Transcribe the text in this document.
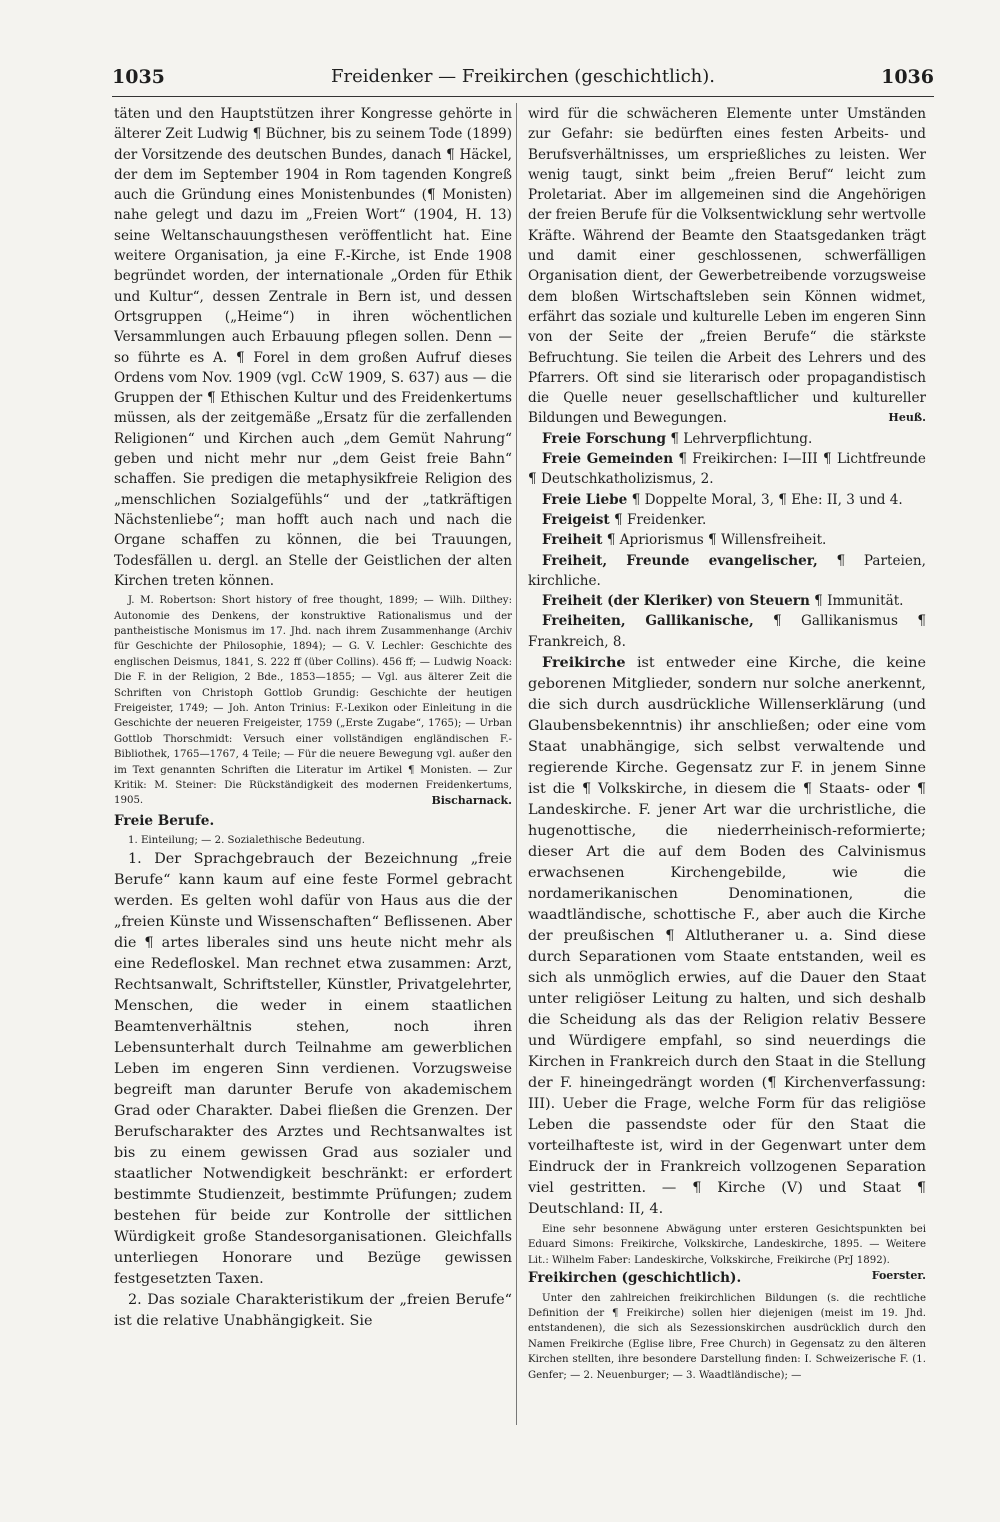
1035	Freidenker — Freikirchen (geschichtlich).	1036

täten und den Hauptstützen ihrer Kongresse gehörte in älterer Zeit Ludwig ¶ Büchner, bis zu seinem Tode (1899) der Vorsitzende des deutschen Bundes, danach ¶ Häckel, der dem im September 1904 in Rom tagenden Kongreß auch die Gründung eines Monistenbundes (¶ Monisten) nahe gelegt und dazu im „Freien Wort“ (1904, H. 13) seine Weltanschauungsthesen veröffentlicht hat. Eine weitere Organisation, ja eine F.-Kirche, ist Ende 1908 begründet worden, der internationale „Orden für Ethik und Kultur“, dessen Zentrale in Bern ist, und dessen Ortsgruppen („Heime“) in ihren wöchentlichen Versammlungen auch Erbauung pflegen sollen. Denn — so führte es A. ¶ Forel in dem großen Aufruf dieses Ordens vom Nov. 1909 (vgl. CcW 1909, S. 637) aus — die Gruppen der ¶ Ethischen Kultur und des Freidenkertums müssen, als der zeitgemäße „Ersatz für die zerfallenden Religionen“ und Kirchen auch „dem Gemüt Nahrung“ geben und nicht mehr nur „dem Geist freie Bahn“ schaffen. Sie predigen die metaphysikfreie Religion des „menschlichen Sozialgefühls“ und der „tatkräftigen Nächstenliebe“; man hofft auch nach und nach die Organe schaffen zu können, die bei Trauungen, Todesfällen u. dergl. an Stelle der Geistlichen der alten Kirchen treten können.

J. M. Robertson: Short history of free thought, 1899; — Wilh. Dilthey: Autonomie des Denkens, der konstruktive Rationalismus und der pantheistische Monismus im 17. Jhd. nach ihrem Zusammenhange (Archiv für Geschichte der Philosophie, 1894); — G. V. Lechler: Geschichte des englischen Deismus, 1841, S. 222 ff (über Collins). 456 ff; — Ludwig Noack: Die F. in der Religion, 2 Bde., 1853—1855; — Vgl. aus älterer Zeit die Schriften von Christoph Gottlob Grundig: Geschichte der heutigen Freigeister, 1749; — Joh. Anton Trinius: F.-Lexikon oder Einleitung in die Geschichte der neueren Freigeister, 1759 („Erste Zugabe“, 1765); — Urban Gottlob Thorschmidt: Versuch einer vollständigen engländischen F.-Bibliothek, 1765—1767, 4 Teile; — Für die neuere Bewegung vgl. außer den im Text genannten Schriften die Literatur im Artikel ¶ Monisten. — Zur Kritik: M. Steiner: Die Rückständigkeit des modernen Freidenkertums, 1905.	Bischarnack.

Freie Berufe.

1. Einteilung; — 2. Sozialethische Bedeutung.

1. Der Sprachgebrauch der Bezeichnung „freie Berufe“ kann kaum auf eine feste Formel gebracht werden. Es gelten wohl dafür von Haus aus die der „freien Künste und Wissenschaften“ Beflissenen. Aber die ¶ artes liberales sind uns heute nicht mehr als eine Redefloskel. Man rechnet etwa zusammen: Arzt, Rechtsanwalt, Schriftsteller, Künstler, Privatgelehrter, Menschen, die weder in einem staatlichen Beamtenverhältnis stehen, noch ihren Lebensunterhalt durch Teilnahme am gewerblichen Leben im engeren Sinn verdienen. Vorzugsweise begreift man darunter Berufe von akademischem Grad oder Charakter. Dabei fließen die Grenzen. Der Berufscharakter des Arztes und Rechtsanwaltes ist bis zu einem gewissen Grad aus sozialer und staatlicher Notwendigkeit beschränkt: er erfordert bestimmte Studienzeit, bestimmte Prüfungen; zudem bestehen für beide zur Kontrolle der sittlichen Würdigkeit große Standesorganisationen. Gleichfalls unterliegen Honorare und Bezüge gewissen festgesetzten Taxen.

2. Das soziale Charakteristikum der „freien Berufe“ ist die relative Unabhängigkeit. Sie

wird für die schwächeren Elemente unter Umständen zur Gefahr: sie bedürften eines festen Arbeits- und Berufsverhältnisses, um ersprießliches zu leisten. Wer wenig taugt, sinkt beim „freien Beruf“ leicht zum Proletariat. Aber im allgemeinen sind die Angehörigen der freien Berufe für die Volksentwicklung sehr wertvolle Kräfte. Während der Beamte den Staatsgedanken trägt und damit einer geschlossenen, schwerfälligen Organisation dient, der Gewerbetreibende vorzugsweise dem bloßen Wirtschaftsleben sein Können widmet, erfährt das soziale und kulturelle Leben im engeren Sinn von der Seite der „freien Berufe“ die stärkste Befruchtung. Sie teilen die Arbeit des Lehrers und des Pfarrers. Oft sind sie literarisch oder propagandistisch die Quelle neuer gesellschaftlicher und kultureller Bildungen und Bewegungen.	Heuß.

Freie Forschung ¶ Lehrverpflichtung.

Freie Gemeinden ¶ Freikirchen: I—III ¶ Lichtfreunde ¶ Deutschkatholizismus, 2.

Freie Liebe ¶ Doppelte Moral, 3, ¶ Ehe: II, 3 und 4.

Freigeist ¶ Freidenker.

Freiheit ¶ Apriorismus ¶ Willensfreiheit.

Freiheit, Freunde evangelischer, ¶ Parteien, kirchliche.

Freiheit (der Kleriker) von Steuern ¶ Immunität.

Freiheiten, Gallikanische, ¶ Gallikanismus ¶ Frankreich, 8.

Freikirche ist entweder eine Kirche, die keine geborenen Mitglieder, sondern nur solche anerkennt, die sich durch ausdrückliche Willenserklärung (und Glaubensbekenntnis) ihr anschließen; oder eine vom Staat unabhängige, sich selbst verwaltende und regierende Kirche. Gegensatz zur F. in jenem Sinne ist die ¶ Volkskirche, in diesem die ¶ Staats- oder ¶ Landeskirche. F. jener Art war die urchristliche, die hugenottische, die niederrheinisch-reformierte; dieser Art die auf dem Boden des Calvinismus erwachsenen Kirchengebilde, wie die nordamerikanischen Denominationen, die waadtländische, schottische F., aber auch die Kirche der preußischen ¶ Altlutheraner u. a. Sind diese durch Separationen vom Staate entstanden, weil es sich als unmöglich erwies, auf die Dauer den Staat unter religiöser Leitung zu halten, und sich deshalb die Scheidung als das der Religion relativ Bessere und Würdigere empfahl, so sind neuerdings die Kirchen in Frankreich durch den Staat in die Stellung der F. hineingedrängt worden (¶ Kirchenverfassung: III). Ueber die Frage, welche Form für das religiöse Leben die passendste oder für den Staat die vorteilhafteste ist, wird in der Gegenwart unter dem Eindruck der in Frankreich vollzogenen Separation viel gestritten. — ¶ Kirche (V) und Staat ¶ Deutschland: II, 4.

Eine sehr besonnene Abwägung unter ersteren Gesichtspunkten bei Eduard Simons: Freikirche, Volkskirche, Landeskirche, 1895. — Weitere Lit.: Wilhelm Faber: Landeskirche, Volkskirche, Freikirche (PrJ 1892).
Foerster.

Freikirchen (geschichtlich).

Unter den zahlreichen freikirchlichen Bildungen (s. die rechtliche Definition der ¶ Freikirche) sollen hier diejenigen (meist im 19. Jhd. entstandenen), die sich als Sezessionskirchen ausdrücklich durch den Namen Freikirche (Eglise libre, Free Church) in Gegensatz zu den älteren Kirchen stellten, ihre besondere Darstellung finden: I. Schweizerische F. (1. Genfer; — 2. Neuenburger; — 3. Waadtländische); —
